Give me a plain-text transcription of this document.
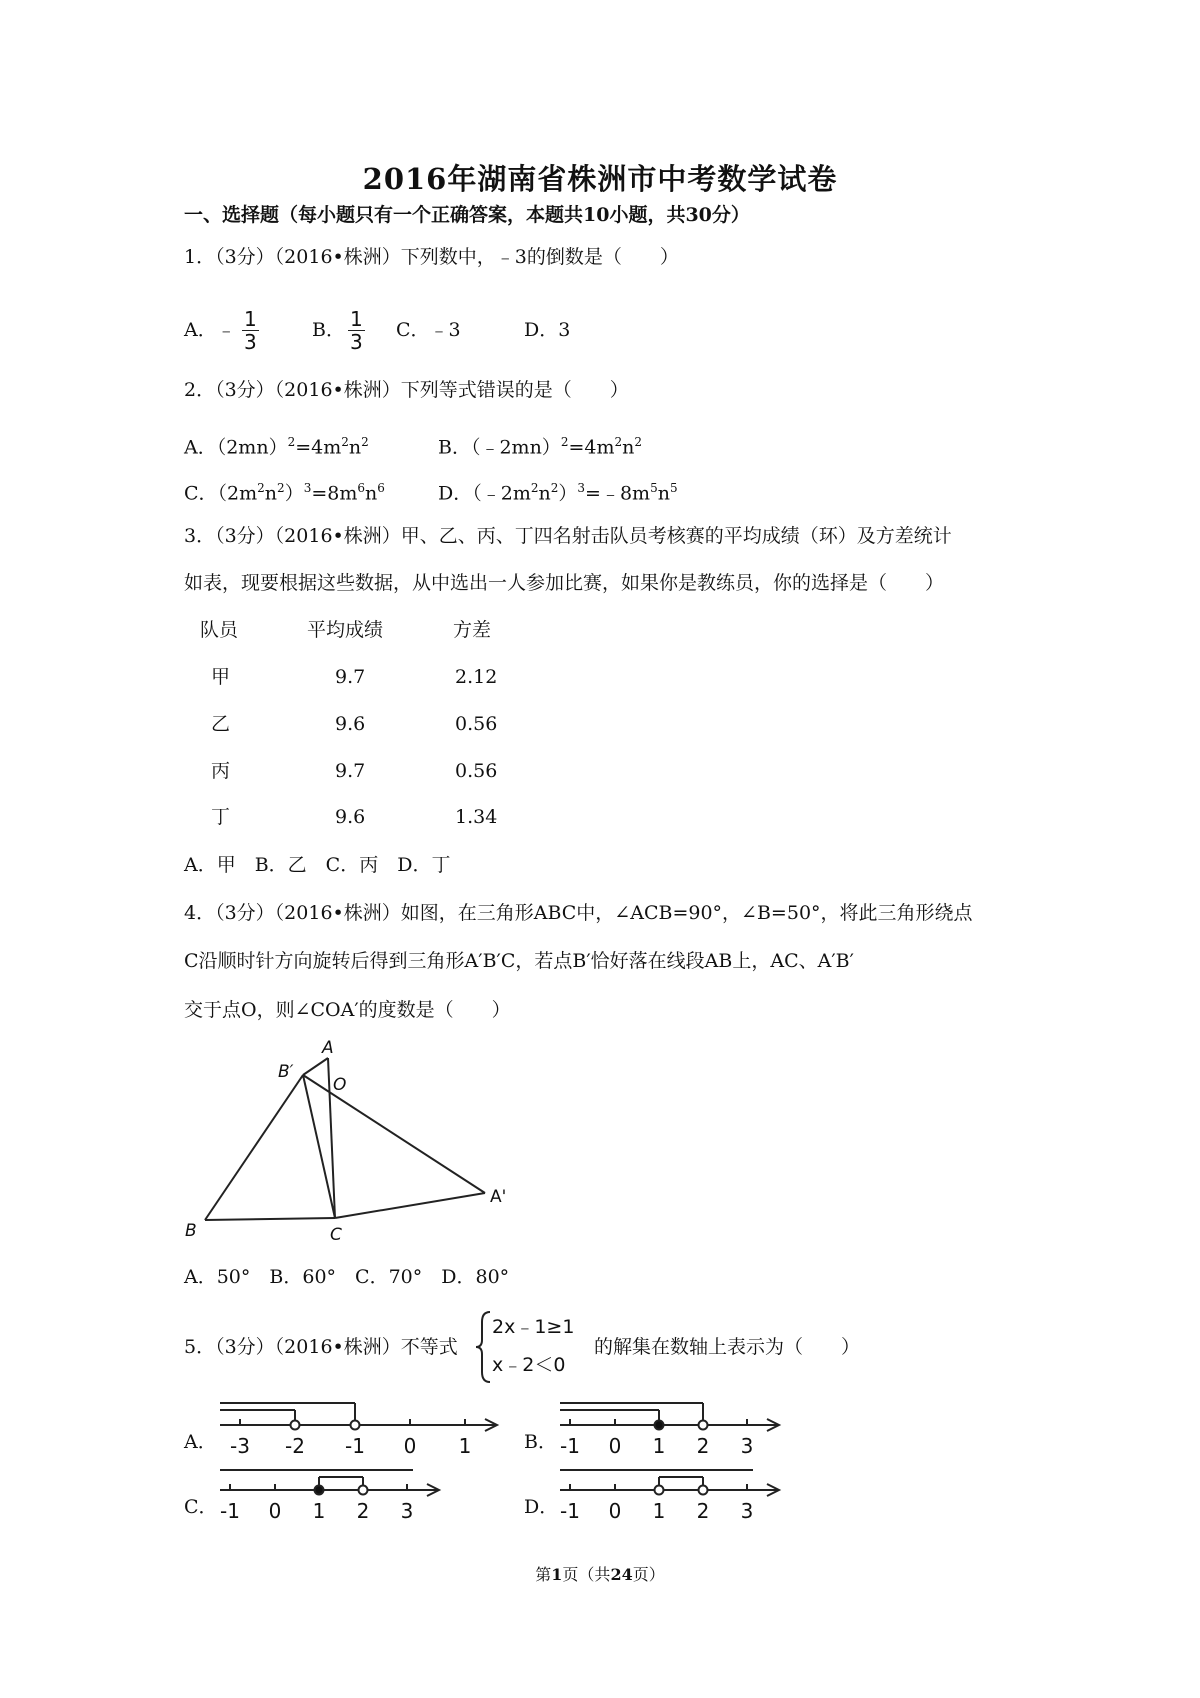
2016年湖南省株洲市中考数学试卷
一、选择题（每小题只有一个正确答案，本题共10小题，共30分）
1．（3分）（2016•株洲）下列数中，﹣3的倒数是（　　）
A．﹣ $\frac{1}{3}$	B． $\frac{1}{3}$ C．﹣3	D．3
2．（3分）（2016•株洲）下列等式错误的是（　　）
A．$(2mn)^2=4m^2n^2$	B．$(﹣2mn)^2=4m^2n^2$
C．$(2m^2n^2)^3=8m^6n^6$	D．$(﹣2m^2n^2)^3=﹣8m^5n^5$
3．（3分）（2016•株洲）甲、乙、丙、丁四名射击队员考核赛的平均成绩（环）及方差统计
如表，现要根据这些数据，从中选出一人参加比赛，如果你是教练员，你的选择是（　　）
队员	平均成绩	方差
甲	9.7	2.12
乙	9.6	0.56
丙	9.7	0.56
丁	9.6	1.34
A．甲　B．乙　C．丙　D．丁
4．（3分）（2016•株洲）如图，在三角形ABC中，∠ACB=90°，∠B=50°，将此三角形绕点
C沿顺时针方向旋转后得到三角形A′B′C，若点B′恰好落在线段AB上，AC、A′B′
交于点O，则∠COA′的度数是（　　）
A
B′
O
A'
B	C
A．50°　B．60°　C．70°　D．80°
5．（3分）（2016•株洲）不等式
2x﹣1≥1
x﹣2＜0
的解集在数轴上表示为（　　）
A． -3 -2 -1 0 1	B． -1 0 1 2 3
C． -1 0 1 2 3	D． -1 0 1 2 3
第1页（共24页）
